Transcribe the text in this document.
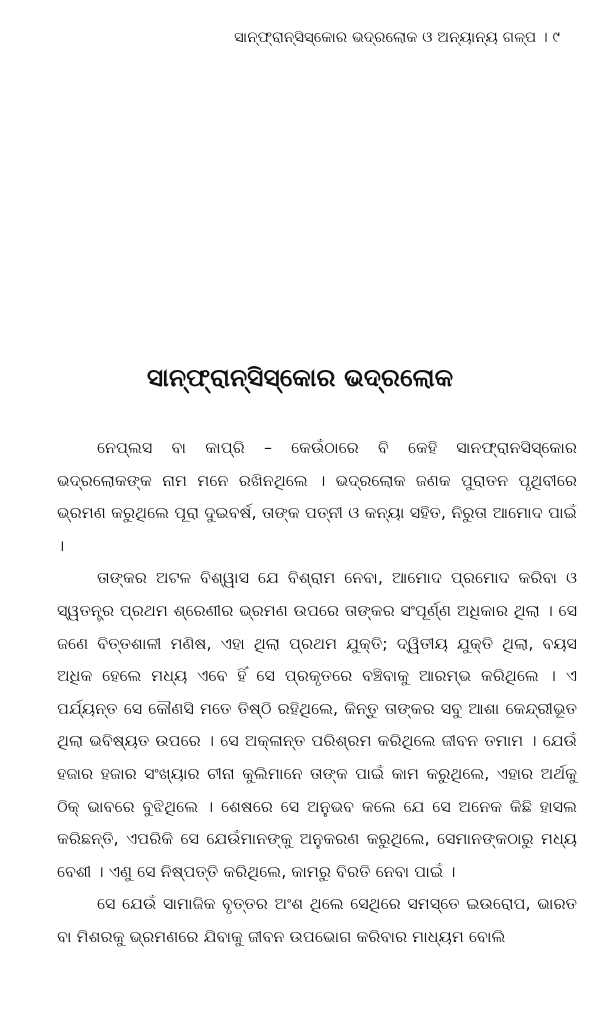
ସାନ୍‌ଫ୍ରାନ୍‌ସିସ୍କୋର ଭଦ୍ରଲୋକ ଓ ଅନ୍ୟାନ୍ୟ ଗଳ୍ପ । ୯
ସାନ୍‌ଫ୍ରାନ୍‌ସିସ୍କୋର ଭଦ୍ରଲୋକ

ନେପ୍‌ଲସ ବା କାପ୍ରି – କେଉଁଠାରେ ବି କେହି ସାନଫ୍ରାନସିସ୍କୋର ଭଦ୍ରଲୋକଙ୍କ ନାମ ମନେ ରଖିନଥିଲେ । ଭଦ୍ରଲୋକ ଜଣକ ପୁରାତନ ପୃଥିବୀରେ ଭ୍ରମଣ କରୁଥିଲେ ପୂରା ଦୁଇବର୍ଷ, ତାଙ୍କ ପତ୍ନୀ ଓ କନ୍ୟା ସହିତ, ନିରୁତା ଆମୋଦ ପାଇଁ ।

ତାଙ୍କର ଅଟଳ ବିଶ୍ୱାସ ଯେ ବିଶ୍ରାମ ନେବା, ଆମୋଦ ପ୍ରମୋଦ କରିବା ଓ ସ୍ୱତନ୍ତ୍ର ପ୍ରଥମ ଶ୍ରେଣୀର ଭ୍ରମଣ ଉପରେ ତାଙ୍କର ସଂପୂର୍ଣ୍ଣ ଅଧିକାର ଥିଲା । ସେ ଜଣେ ବିତ୍ତଶାଳୀ ମଣିଷ, ଏହା ଥିଲା ପ୍ରଥମ ଯୁକ୍ତି; ଦ୍ୱିତୀୟ ଯୁକ୍ତି ଥିଲା, ବୟସ ଅଧିକ ହେଲେ ମଧ୍ୟ ଏବେ ହିଁ ସେ ପ୍ରକୃତରେ ବଞ୍ଚିବାକୁ ଆରମ୍ଭ କରିଥିଲେ । ଏ ପର୍ଯ୍ୟନ୍ତ ସେ କୌଣସି ମତେ ତିଷ୍ଠି ରହିଥିଲେ, କିନ୍ତୁ ତାଙ୍କର ସବୁ ଆଶା କେନ୍ଦ୍ରୀଭୂତ ଥିଲା ଭବିଷ୍ୟତ ଉପରେ । ସେ ଅକ୍ଳାନ୍ତ ପରିଶ୍ରମ କରିଥିଲେ ଜୀବନ ତମାମ । ଯେଉଁ ହଜାର ହଜାର ସଂଖ୍ୟାର ଚୀନା କୁଲିମାନେ ତାଙ୍କ ପାଇଁ କାମ କରୁଥିଲେ, ଏହାର ଅର୍ଥକୁ ଠିକ୍ ଭାବରେ ବୁଝିଥିଲେ । ଶେଷରେ ସେ ଅନୁଭବ କଲେ ଯେ ସେ ଅନେକ କିଛି ହାସଲ କରିଛନ୍ତି, ଏପରିକି ସେ ଯେଉଁମାନଙ୍କୁ ଅନୁକରଣ କରୁଥିଲେ, ସେମାନଙ୍କଠାରୁ ମଧ୍ୟ ବେଶୀ । ଏଣୁ ସେ ନିଷ୍ପତ୍ତି କରିଥିଲେ, କାମରୁ ବିରତି ନେବା ପାଇଁ ।

ସେ ଯେଉଁ ସାମାଜିକ ବୃତ୍ତର ଅଂଶ ଥିଲେ ସେଥିରେ ସମସ୍ତେ ଇଉରୋପ, ଭାରତ ବା ମିଶରକୁ ଭ୍ରମଣରେ ଯିବାକୁ ଜୀବନ ଉପଭୋଗ କରିବାର ମାଧ୍ୟମ ବୋଲି
